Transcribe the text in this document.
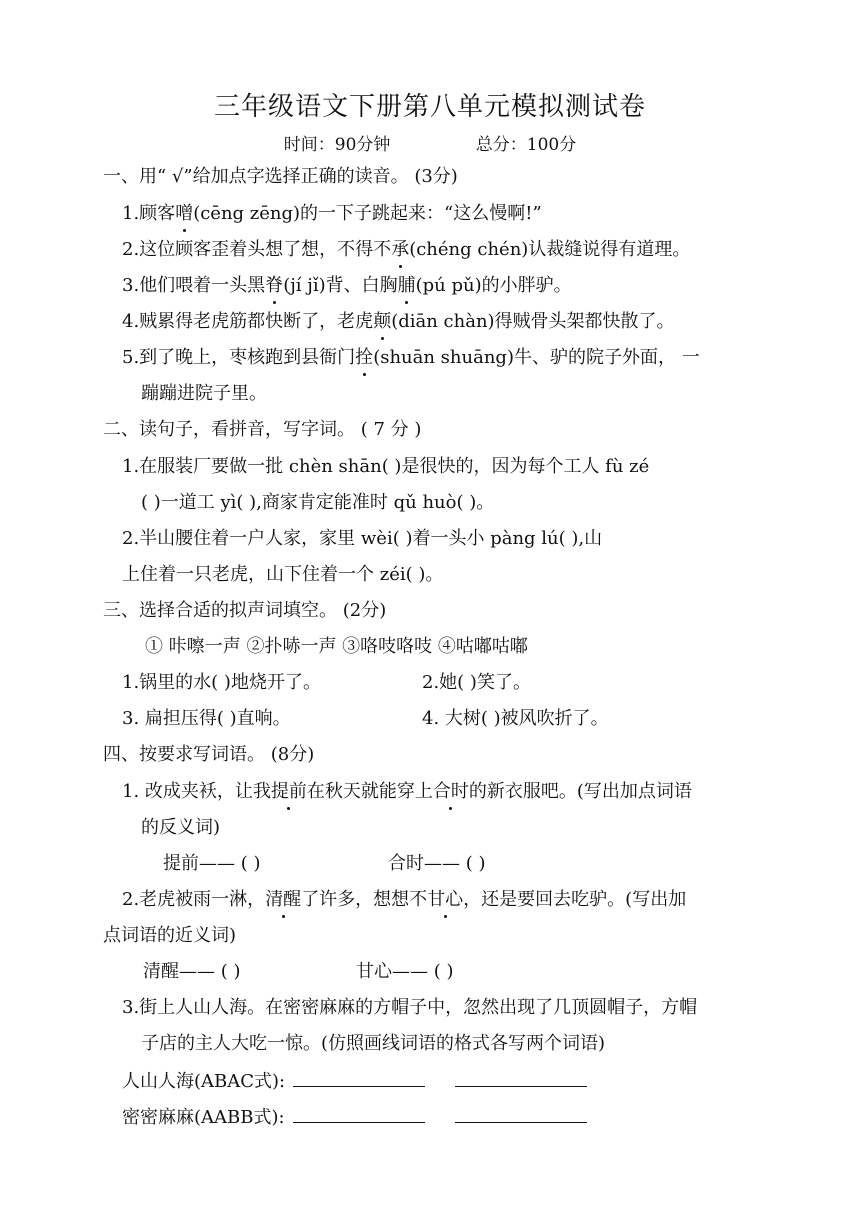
三年级语文下册第八单元模拟测试卷
时间：90分钟	总分：100分
一、用“ √”给加点字选择正确的读音。 (3分)
1.顾客噌(cēng zēng)的一下子跳起来：“这么慢啊!”
2.这位顾客歪着头想了想，不得不承(chéng chén)认裁缝说得有道理。
3.他们喂着一头黑脊(jí jǐ)背、白胸脯(pú pǔ)的小胖驴。
4.贼累得老虎筋都快断了，老虎颠(diān chàn)得贼骨头架都快散了。
5.到了晚上，枣核跑到县衙门拴(shuān shuāng)牛、驴的院子外面， 一
蹦蹦进院子里。
二、读句子，看拼音，写字词。 ( 7 分 )
1.在服装厂要做一批 chèn shān( )是很快的，因为每个工人 fù zé
( )一道工 yì( ),商家肯定能准时 qǔ huò( )。
2.半山腰住着一户人家，家里 wèi( )着一头小 pàng lú( ),山
上住着一只老虎，山下住着一个 zéi( )。
三、选择合适的拟声词填空。 (2分)
① 咔嚓一声 ②扑哧一声 ③咯吱咯吱 ④咕嘟咕嘟
1.锅里的水( )地烧开了。	2.她( )笑了。
3. 扁担压得( )直响。	4. 大树( )被风吹折了。
四、按要求写词语。 (8分)
1. 改成夹袄，让我提前在秋天就能穿上合时的新衣服吧。(写出加点词语
的反义词)
提前—— ( )	合时—— ( )
2.老虎被雨一淋，清醒了许多，想想不甘心，还是要回去吃驴。(写出加
点词语的近义词)
清醒—— ( )	甘心—— ( )
3.街上人山人海。在密密麻麻的方帽子中，忽然出现了几顶圆帽子，方帽
子店的主人大吃一惊。(仿照画线词语的格式各写两个词语)
人山人海(ABAC式):
密密麻麻(AABB式):
